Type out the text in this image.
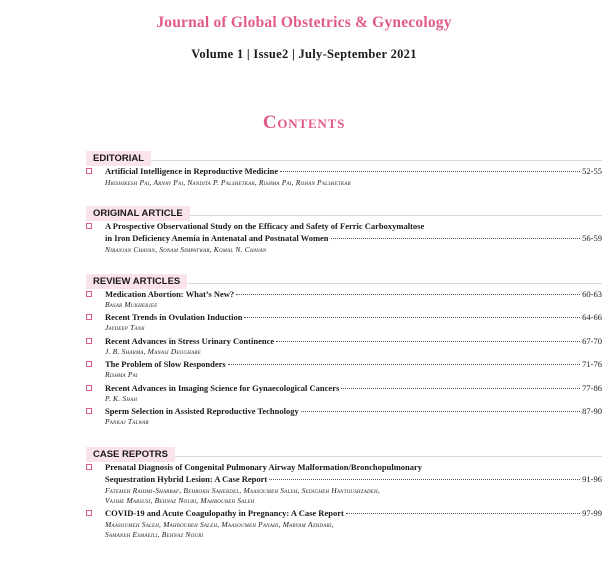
Journal of Global Obstetrics & Gynecology
Volume 1 | Issue2 | July-September 2021
Contents
EDITORIAL
Artificial Intelligence in Reproductive Medicine	52-55
Hrishikesh Pai, Arnav Pai, Nandita P. Palshetkar, Rishma Pai, Rohan Palshetkar
ORIGINAL ARTICLE
A Prospective Observational Study on the Efficacy and Safety of Ferric Carboxymaltose
in Iron Deficiency Anemia in Antenatal and Postnatal Women	56-59
Niranjan Chavan, Sonam Simpatwar, Komal N. Chavan
REVIEW ARTICLES
Medication Abortion: What’s New?	60-63
Basab Mukherjee
Recent Trends in Ovulation Induction	64-66
Jaydeep Tank
Recent Advances in Stress Urinary Continence	67-70
J. B. Sharma, Manasi Deoghare
The Problem of Slow Responders	71-76
Rishma Pai
Recent Advances in Imaging Science for Gynaecological Cancers	77-86
P. K. Shah
Sperm Selection in Assisted Reproductive Technology	87-90
Pankaj Talwar
CASE REPOTRS
Prenatal Diagnosis of Congenital Pulmonary Airway Malformation/Bronchopulmonary
Sequestration Hybrid Lesion: A Case Report	91-96
Fatemeh Rahimi-Sharbaf, Behrokh Sahebdel, Maasoumeh Saleh, Sedigheh Hantoushzadeh,
Vajihe Marsusi, Behnaz Nouri, Mahboubeh Saleh
COVID-19 and Acute Coagulopathy in Pregnancy: A Case Report	97-99
Maasoumeh Saleh, Mahboubeh Saleh, Maasoumeh Panahi, Maryam Azhdari,
Samaneh Esmaeili, Behnaz Nouri
